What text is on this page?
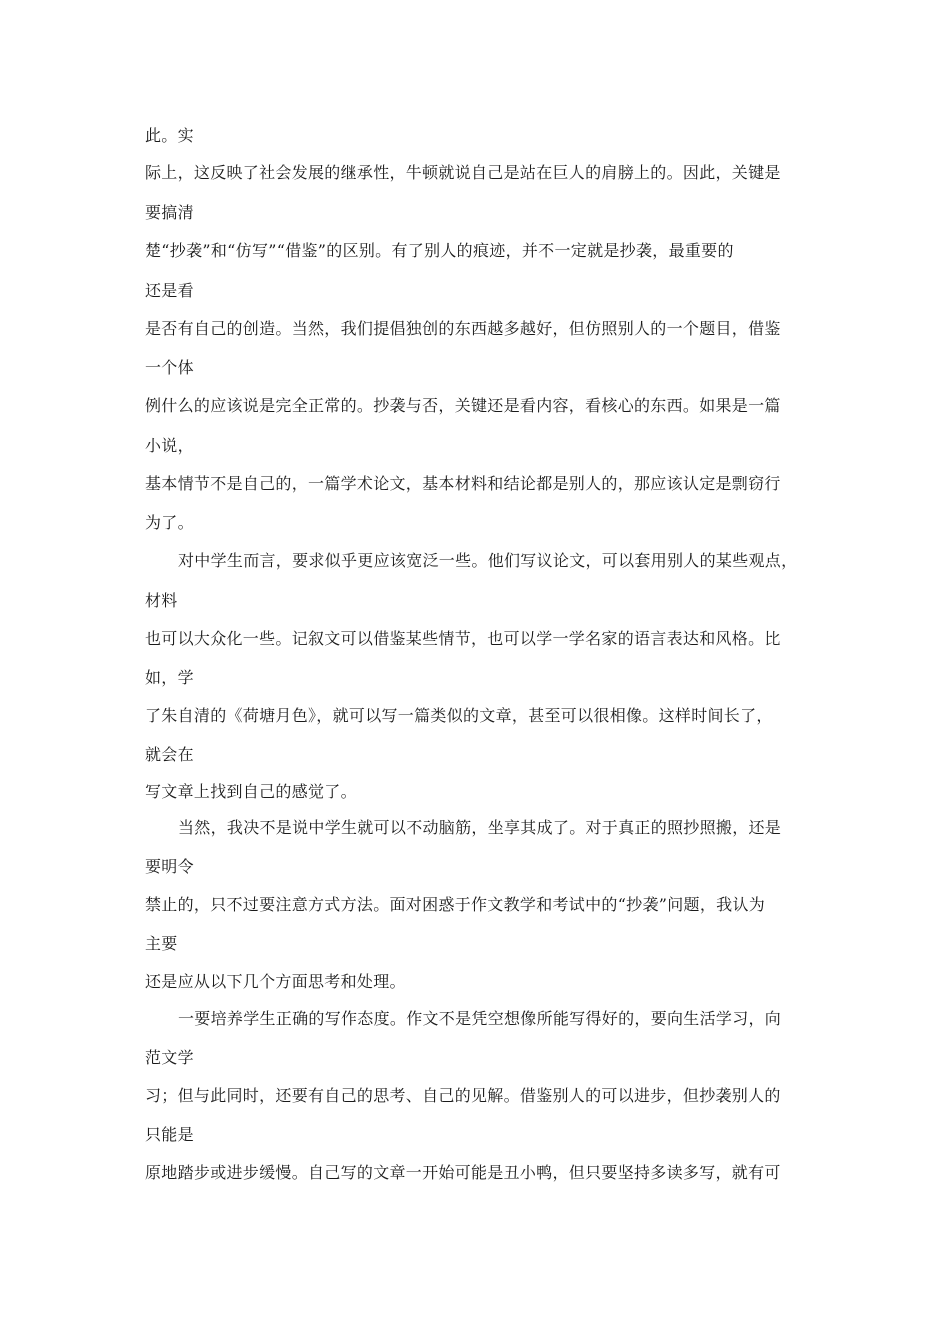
此。实
际上，这反映了社会发展的继承性，牛顿就说自己是站在巨人的肩膀上的。因此，关键是
要搞清
楚“抄袭”和“仿写”“借鉴”的区别。有了别人的痕迹，并不一定就是抄袭，最重要的
还是看
是否有自己的创造。当然，我们提倡独创的东西越多越好，但仿照别人的一个题目，借鉴
一个体
例什么的应该说是完全正常的。抄袭与否，关键还是看内容，看核心的东西。如果是一篇
小说，
基本情节不是自己的，一篇学术论文，基本材料和结论都是别人的，那应该认定是剽窃行
为了。
对中学生而言，要求似乎更应该宽泛一些。他们写议论文，可以套用别人的某些观点，
材料
也可以大众化一些。记叙文可以借鉴某些情节，也可以学一学名家的语言表达和风格。比
如，学
了朱自清的《荷塘月色》，就可以写一篇类似的文章，甚至可以很相像。这样时间长了，
就会在
写文章上找到自己的感觉了。
当然，我决不是说中学生就可以不动脑筋，坐享其成了。对于真正的照抄照搬，还是
要明令
禁止的，只不过要注意方式方法。面对困惑于作文教学和考试中的“抄袭”问题，我认为
主要
还是应从以下几个方面思考和处理。
一要培养学生正确的写作态度。作文不是凭空想像所能写得好的，要向生活学习，向
范文学
习；但与此同时，还要有自己的思考、自己的见解。借鉴别人的可以进步，但抄袭别人的
只能是
原地踏步或进步缓慢。自己写的文章一开始可能是丑小鸭，但只要坚持多读多写，就有可
